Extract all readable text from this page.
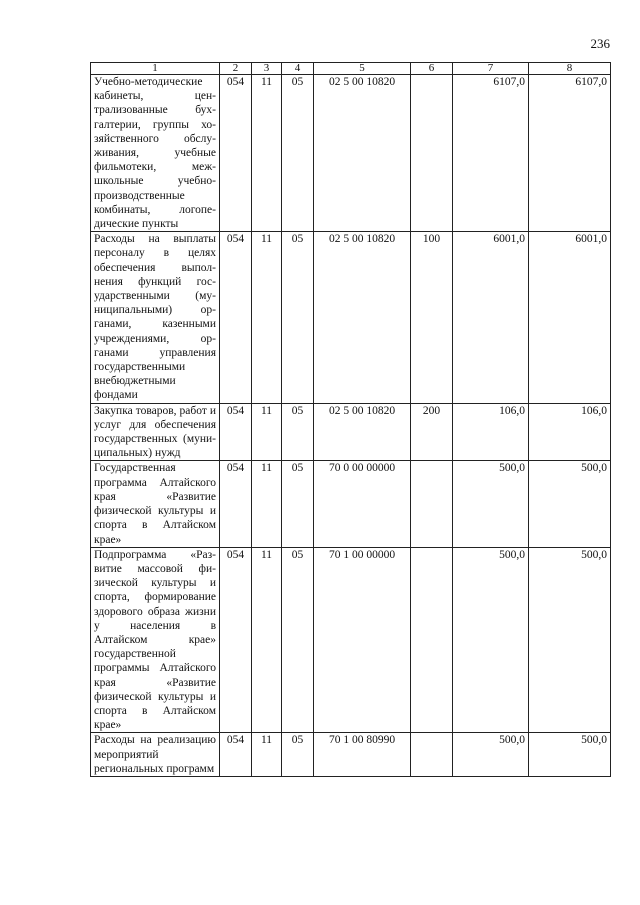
236
1	2	3	4	5	6	7	8
Учебно-методические кабинеты, централизованные бухгалтерии, группы хозяйственного обслуживания, учебные фильмотеки, межшкольные учебно-производственные комбинаты, логопедические пункты	054	11	05	02 5 00 10820		6107,0	6107,0
Расходы на выплаты персоналу в целях обеспечения выполнения функций государственными (муниципальными) органами, казенными учреждениями, органами управления государственными внебюджетными фондами	054	11	05	02 5 00 10820	100	6001,0	6001,0
Закупка товаров, работ и услуг для обеспечения государственных (муниципальных) нужд	054	11	05	02 5 00 10820	200	106,0	106,0
Государственная программа Алтайского края «Развитие физической культуры и спорта в Алтайском крае»	054	11	05	70 0 00 00000		500,0	500,0
Подпрограмма «Развитие массовой физической культуры и спорта, формирование здорового образа жизни у населения в Алтайском крае» государственной программы Алтайского края «Развитие физической культуры и спорта в Алтайском крае»	054	11	05	70 1 00 00000		500,0	500,0
Расходы на реализацию мероприятий региональных программ	054	11	05	70 1 00 80990		500,0	500,0
